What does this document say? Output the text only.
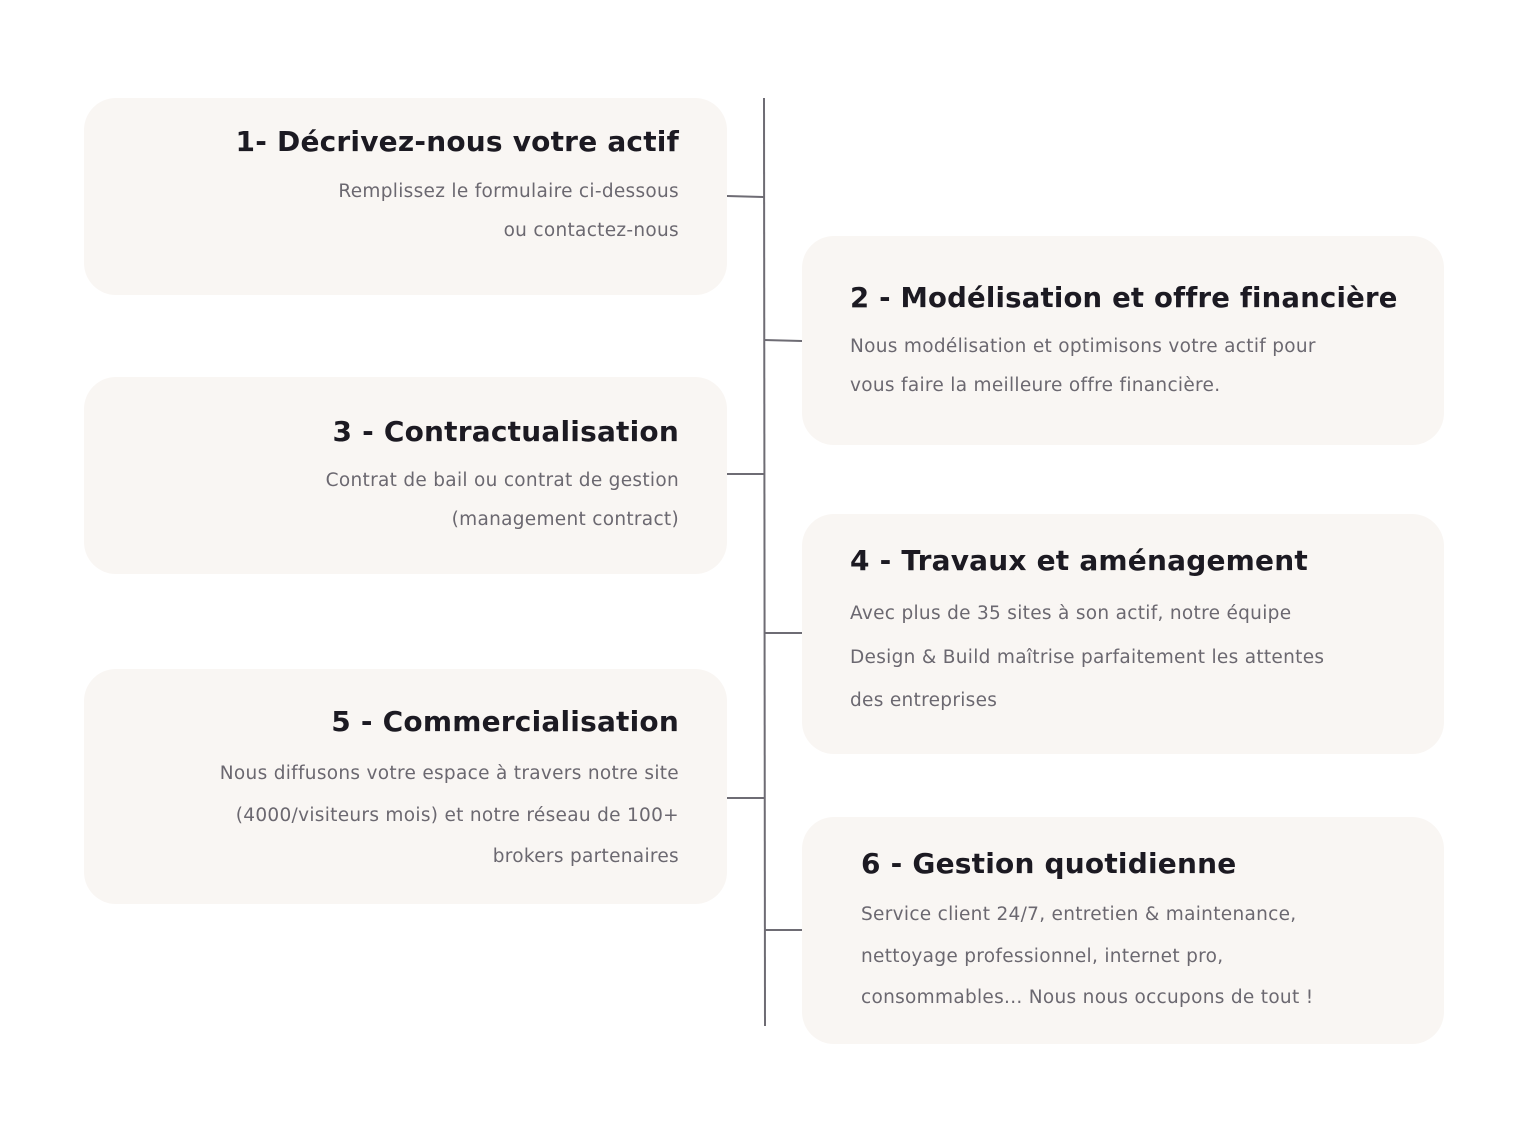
1- Décrivez-nous votre actif

Remplissez le formulaire ci-dessous
ou contactez-nous

2 - Modélisation et offre financière

Nous modélisation et optimisons votre actif pour
vous faire la meilleure offre financière.

3 - Contractualisation

Contrat de bail ou contrat de gestion
(management contract)

4 - Travaux et aménagement

Avec plus de 35 sites à son actif, notre équipe
Design & Build maîtrise parfaitement les attentes
des entreprises

5 - Commercialisation

Nous diffusons votre espace à travers notre site
(4000/visiteurs mois) et notre réseau de 100+
brokers partenaires	6 - Gestion quotidienne

Service client 24/7, entretien & maintenance,
nettoyage professionnel, internet pro,
consommables... Nous nous occupons de tout !
